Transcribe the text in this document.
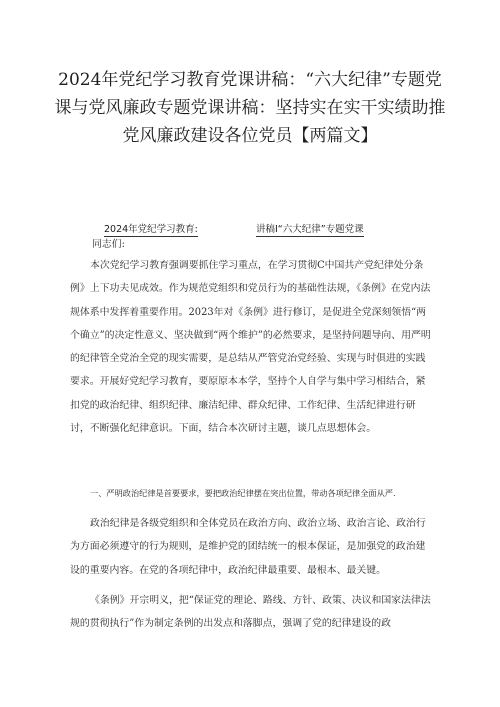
2024年党纪学习教育党课讲稿：“六大纪律”专题党
课与党风廉政专题党课讲稿：坚持实在实干实绩助推
党风廉政建设各位党员【两篇文】
2024年党纪学习教育:	讲稿I“六大纪律”专题党课

同志们:

本次党纪学习教育强调要抓住学习重点，在学习贯彻C中国共产党纪律处分条例》上下功夫见成效。作为规范党组织和党员行为的基础性法规，《条例》在党内法规体系中发挥着重要作用。2023年对《条例》进行修订，是促进全党深刻领悟“两个确立”的决定性意义、坚决做到“两个维护”的必然要求，是坚持问题导向、用严明的纪律管全党治全党的现实需要，是总结从严管党治党经验、实现与时俱进的实践要求。开展好党纪学习教育，要原原本本学，坚持个人自学与集中学习相结合，紧扣党的政治纪律、组织纪律、廉洁纪律、群众纪律、工作纪律、生活纪律进行研讨，不断强化纪律意识。下面，结合本次研讨主题，谈几点思想体会。

一、严明政治纪律是首要要求，要把政治纪律摆在突出位置，带动各项纪律全面从严.

政治纪律是各级党组织和全体党员在政治方向、政治立场、政治言论、政治行为方面必须遵守的行为规则，是维护党的团结统一的根本保证，是加强党的政治建设的重要内容。在党的各项纪律中，政治纪律最重要、最根本、最关键。

《条例》开宗明义，把“保证党的理论、路线、方针、政策、决议和国家法律法规的贯彻执行”作为制定条例的出发点和落脚点，强调了党的纪律建设的政
